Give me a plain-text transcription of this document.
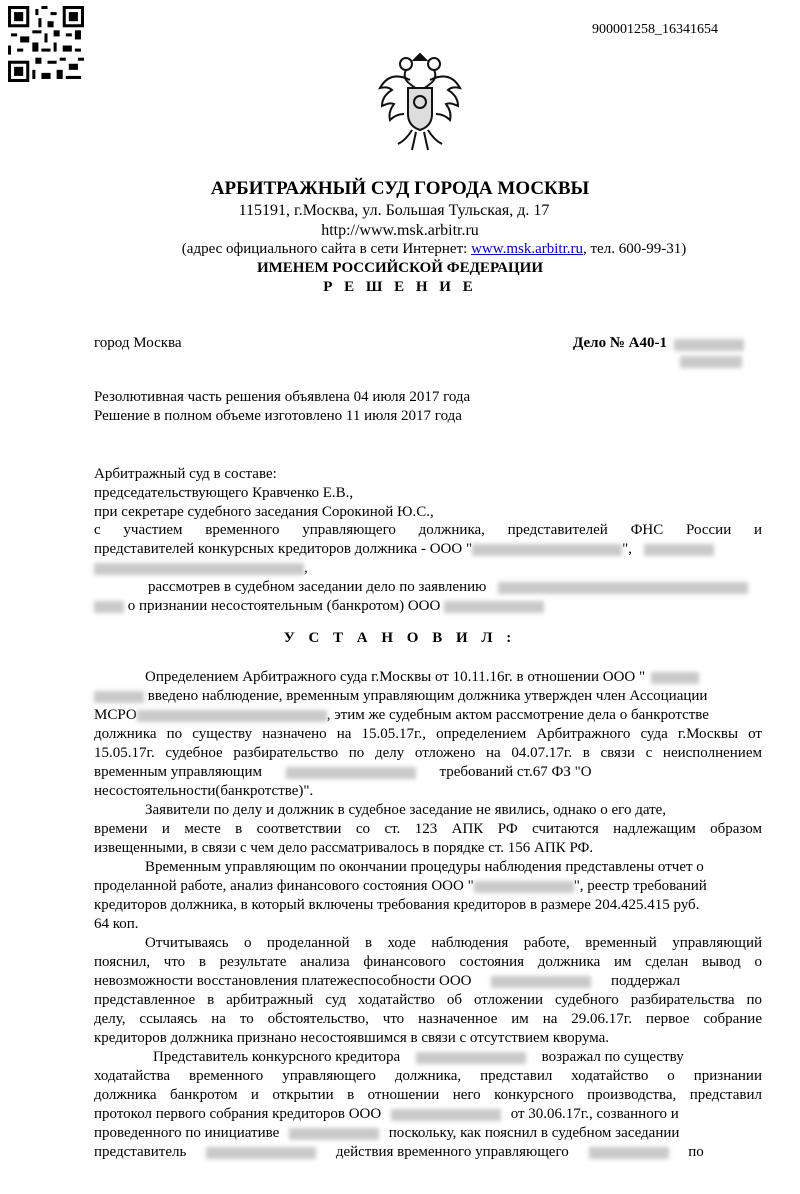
900001258_16341654
АРБИТРАЖНЫЙ СУД ГОРОДА МОСКВЫ
115191, г.Москва, ул. Большая Тульская, д. 17
http://www.msk.arbitr.ru
(адрес официального сайта в сети Интернет: www.msk.arbitr.ru, тел. 600-99-31)
ИМЕНЕМ РОССИЙСКОЙ ФЕДЕРАЦИИ
Р Е Ш Е Н И Е
город Москва	Дело № А40-1
Резолютивная часть решения объявлена 04 июля 2017 года
Решение в полном объеме изготовлено 11 июля 2017 года
Арбитражный суд в составе:
председательствующего Кравченко Е.В.,
при секретаре судебного заседания Сорокиной Ю.С.,
с участием временного управляющего должника, представителей ФНС России и
представителей конкурсных кредиторов должника - ООО "	",
,
рассмотрев в судебном заседании дело по заявлению
о признании несостоятельным (банкротом) ООО
У С Т А Н О В И Л :
Определением Арбитражного суда г.Москвы от 10.11.16г. в отношении ООО "
введено наблюдение, временным управляющим должника утвержден член Ассоциации
МСРО	, этим же судебным актом рассмотрение дела о банкротстве
должника по существу назначено на 15.05.17г., определением Арбитражного суда г.Москвы от
15.05.17г. судебное разбирательство по делу отложено на 04.07.17г. в связи с неисполнением
временным управляющим	требований ст.67 ФЗ "О
несостоятельности(банкротстве)".
Заявители по делу и должник в судебное заседание не явились, однако о его дате,
времени и месте в соответствии со ст. 123 АПК РФ считаются надлежащим образом
извещенными, в связи с чем дело рассматривалось в порядке ст. 156 АПК РФ.
Временным управляющим по окончании процедуры наблюдения представлены отчет о
проделанной работе, анализ финансового состояния ООО "	", реестр требований
кредиторов должника, в который включены требования кредиторов в размере 204.425.415 руб.
64 коп.
Отчитываясь о проделанной в ходе наблюдения работе, временный управляющий
пояснил, что в результате анализа финансового состояния должника им сделан вывод о
невозможности восстановления платежеспособности ООО	поддержал
представленное в арбитражный суд ходатайство об отложении судебного разбирательства по
делу, ссылаясь на то обстоятельство, что назначенное им на 29.06.17г. первое собрание
кредиторов должника признано несостоявшимся в связи с отсутствием кворума.
Представитель конкурсного кредитора	возражал по существу
ходатайства временного управляющего должника, представил ходатайство о признании
должника банкротом и открытии в отношении него конкурсного производства, представил
протокол первого собрания кредиторов ООО	от 30.06.17г., созванного и
проведенного по инициативе	поскольку, как пояснил в судебном заседании
представитель	действия временного управляющего	по
